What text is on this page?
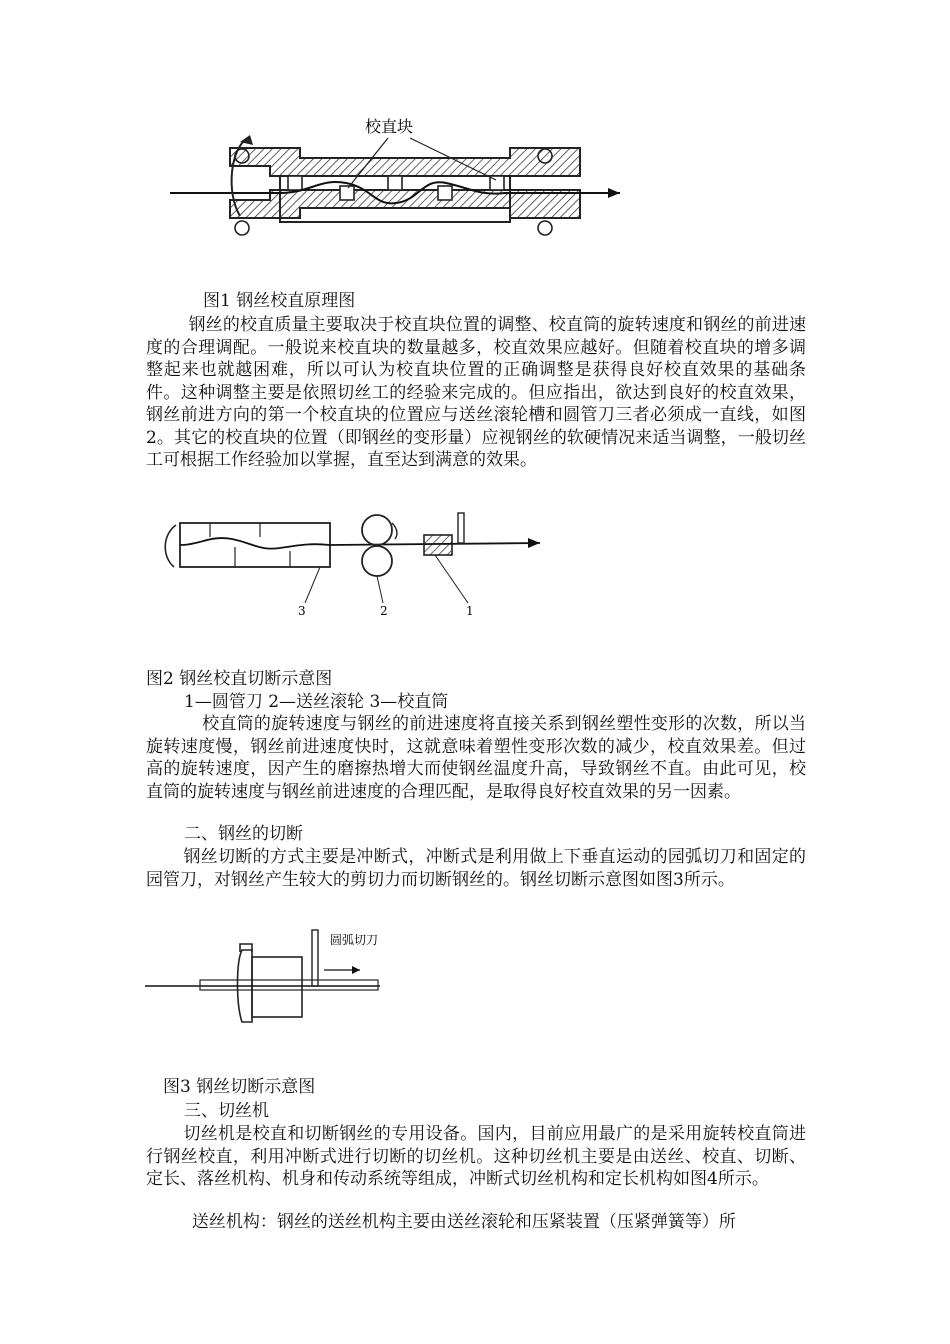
校直块

图1 钢丝校直原理图

钢丝的校直质量主要取决于校直块位置的调整、校直筒的旋转速度和钢丝的前进速度的合理调配。一般说来校直块的数量越多，校直效果应越好。但随着校直块的增多调整起来也就越困难，所以可认为校直块位置的正确调整是获得良好校直效果的基础条件。这种调整主要是依照切丝工的经验来完成的。但应指出，欲达到良好的校直效果，钢丝前进方向的第一个校直块的位置应与送丝滚轮槽和圆管刀三者必须成一直线，如图2。其它的校直块的位置（即钢丝的变形量）应视钢丝的软硬情况来适当调整，一般切丝工可根据工作经验加以掌握，直至达到满意的效果。

3	2	1

图2 钢丝校直切断示意图

1—圆管刀 2—送丝滚轮 3—校直筒

校直筒的旋转速度与钢丝的前进速度将直接关系到钢丝塑性变形的次数，所以当旋转速度慢，钢丝前进速度快时，这就意味着塑性变形次数的减少，校直效果差。但过高的旋转速度，因产生的磨擦热增大而使钢丝温度升高，导致钢丝不直。由此可见，校直筒的旋转速度与钢丝前进速度的合理匹配，是取得良好校直效果的另一因素。

二、钢丝的切断

钢丝切断的方式主要是冲断式，冲断式是利用做上下垂直运动的园弧切刀和固定的园管刀，对钢丝产生较大的剪切力而切断钢丝的。钢丝切断示意图如图3所示。

圆弧切刀

图3 钢丝切断示意图

三、切丝机

切丝机是校直和切断钢丝的专用设备。国内，目前应用最广的是采用旋转校直筒进行钢丝校直，利用冲断式进行切断的切丝机。这种切丝机主要是由送丝、校直、切断、定长、落丝机构、机身和传动系统等组成，冲断式切丝机构和定长机构如图4所示。

送丝机构：钢丝的送丝机构主要由送丝滚轮和压紧装置（压紧弹簧等）所
